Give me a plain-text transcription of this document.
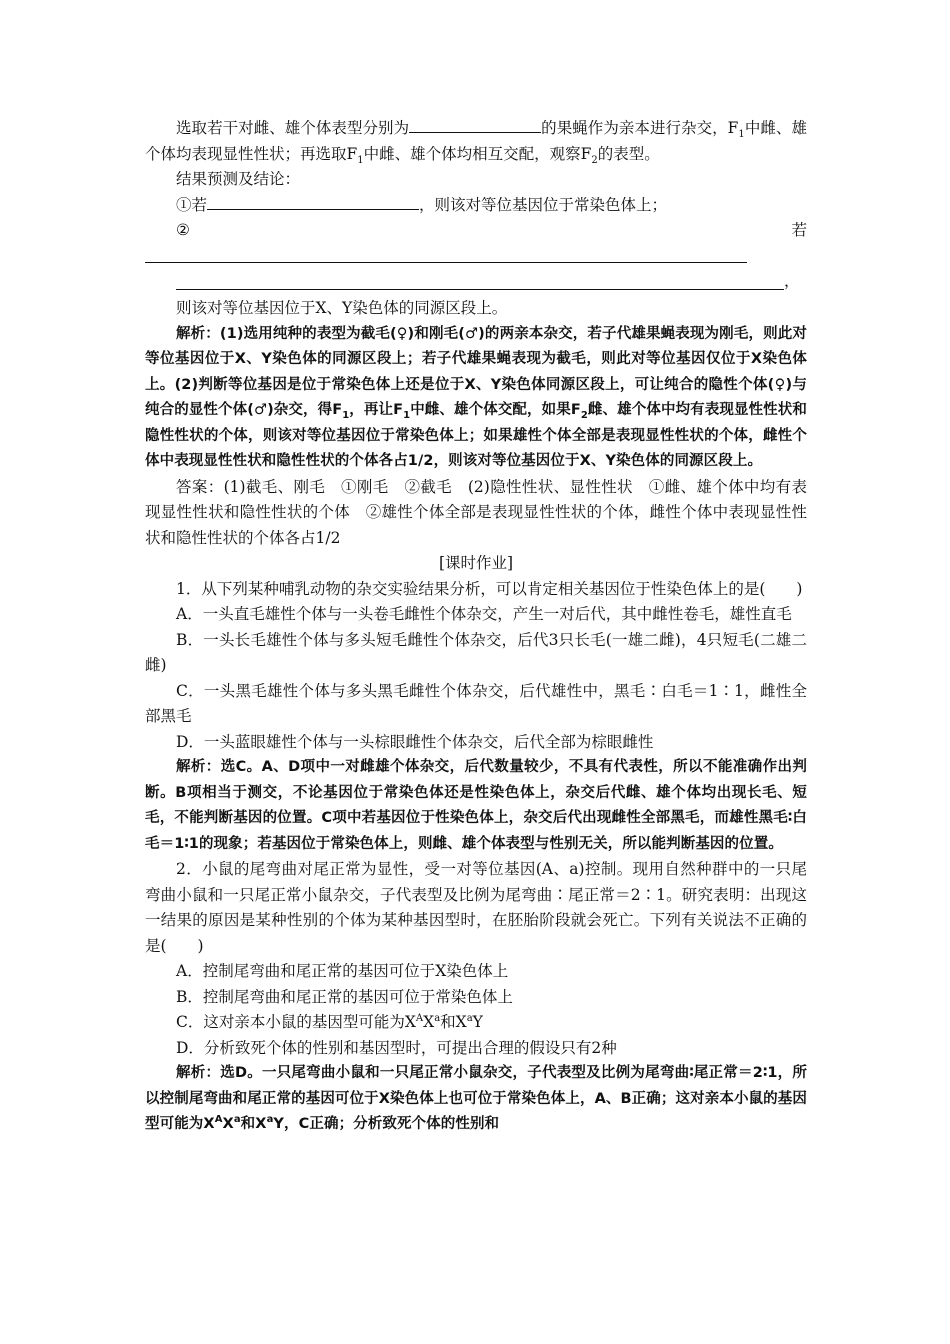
选取若干对雌、雄个体表型分别为	的果蝇作为亲本进行杂交，$F_1$中雌、雄个体均表现显性性状；再选取$F_1$中雌、雄个体均相互交配，观察$F_2$的表型。

结果预测及结论：

①若	，则该对等位基因位于常染色体上；

②	若
，

则该对等位基因位于X、Y染色体的同源区段上。

解析：(1)选用纯种的表型为截毛(♀)和刚毛(♂)的两亲本杂交，若子代雄果蝇表现为刚毛，则此对等位基因位于X、Y染色体的同源区段上；若子代雄果蝇表现为截毛，则此对等位基因仅位于X染色体上。(2)判断等位基因是位于常染色体上还是位于X、Y染色体同源区段上，可让纯合的隐性个体(♀)与纯合的显性个体(♂)杂交，得$F_1$，再让$F_1$中雌、雄个体交配，如果$F_2$雌、雄个体中均有表现显性性状和隐性性状的个体，则该对等位基因位于常染色体上；如果雄性个体全部是表现显性性状的个体，雌性个体中表现显性性状和隐性性状的个体各占1/2，则该对等位基因位于X、Y染色体的同源区段上。

答案：(1)截毛、刚毛　①刚毛　②截毛　(2)隐性性状、显性性状　①雌、雄个体中均有表现显性性状和隐性性状的个体　②雄性个体全部是表现显性性状的个体，雌性个体中表现显性性状和隐性性状的个体各占1/2

[课时作业]

1．从下列某种哺乳动物的杂交实验结果分析，可以肯定相关基因位于性染色体上的是(　　)

A．一头直毛雄性个体与一头卷毛雌性个体杂交，产生一对后代，其中雌性卷毛，雄性直毛

B．一头长毛雄性个体与多头短毛雌性个体杂交，后代3只长毛(一雄二雌)，4只短毛(二雄二雌)

C．一头黑毛雄性个体与多头黑毛雌性个体杂交，后代雄性中，黑毛∶白毛＝1∶1，雌性全部黑毛

D．一头蓝眼雄性个体与一头棕眼雌性个体杂交，后代全部为棕眼雌性

解析：选C。A、D项中一对雌雄个体杂交，后代数量较少，不具有代表性，所以不能准确作出判断。B项相当于测交，不论基因位于常染色体还是性染色体上，杂交后代雌、雄个体均出现长毛、短毛，不能判断基因的位置。C项中若基因位于性染色体上，杂交后代出现雌性全部黑毛，而雄性黑毛∶白毛＝1∶1的现象；若基因位于常染色体上，则雌、雄个体表型与性别无关，所以能判断基因的位置。

2．小鼠的尾弯曲对尾正常为显性，受一对等位基因(A、a)控制。现用自然种群中的一只尾弯曲小鼠和一只尾正常小鼠杂交，子代表型及比例为尾弯曲∶尾正常＝2∶1。研究表明：出现这一结果的原因是某种性别的个体为某种基因型时，在胚胎阶段就会死亡。下列有关说法不正确的是(　　)

A．控制尾弯曲和尾正常的基因可位于X染色体上

B．控制尾弯曲和尾正常的基因可位于常染色体上

C．这对亲本小鼠的基因型可能为$X^AX^a$和$X^aY$

D．分析致死个体的性别和基因型时，可提出合理的假设只有2种

解析：选D。一只尾弯曲小鼠和一只尾正常小鼠杂交，子代表型及比例为尾弯曲∶尾正常＝2∶1，所以控制尾弯曲和尾正常的基因可位于X染色体上也可位于常染色体上，A、B正确；这对亲本小鼠的基因型可能为$X^AX^a$和$X^aY$，C正确；分析致死个体的性别和
